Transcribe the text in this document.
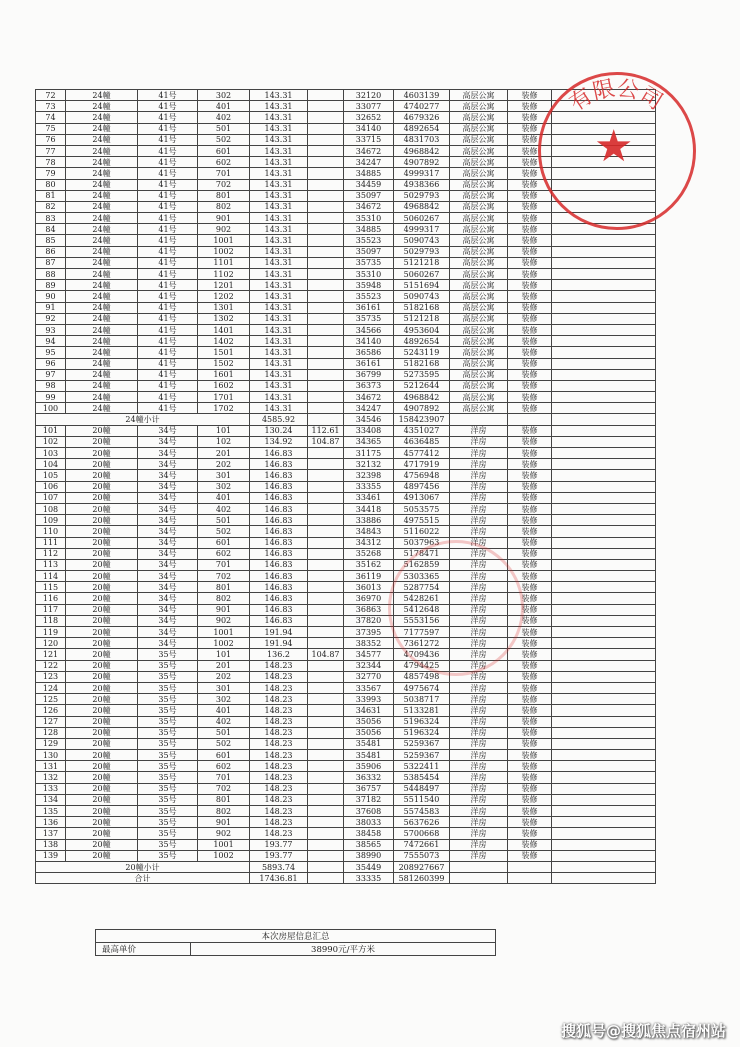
72	24幢	41号	302	143.31		32120	4603139	高层公寓	装修	
73	24幢	41号	401	143.31		33077	4740277	高层公寓	装修	
74	24幢	41号	402	143.31		32652	4679326	高层公寓	装修	
75	24幢	41号	501	143.31		34140	4892654	高层公寓	装修	
76	24幢	41号	502	143.31		33715	4831703	高层公寓	装修	
77	24幢	41号	601	143.31		34672	4968842	高层公寓	装修	
78	24幢	41号	602	143.31		34247	4907892	高层公寓	装修	
79	24幢	41号	701	143.31		34885	4999317	高层公寓	装修	
80	24幢	41号	702	143.31		34459	4938366	高层公寓	装修	
81	24幢	41号	801	143.31		35097	5029793	高层公寓	装修	
82	24幢	41号	802	143.31		34672	4968842	高层公寓	装修	
83	24幢	41号	901	143.31		35310	5060267	高层公寓	装修	
84	24幢	41号	902	143.31		34885	4999317	高层公寓	装修	
85	24幢	41号	1001	143.31		35523	5090743	高层公寓	装修	
86	24幢	41号	1002	143.31		35097	5029793	高层公寓	装修	
87	24幢	41号	1101	143.31		35735	5121218	高层公寓	装修	
88	24幢	41号	1102	143.31		35310	5060267	高层公寓	装修	
89	24幢	41号	1201	143.31		35948	5151694	高层公寓	装修	
90	24幢	41号	1202	143.31		35523	5090743	高层公寓	装修	
91	24幢	41号	1301	143.31		36161	5182168	高层公寓	装修	
92	24幢	41号	1302	143.31		35735	5121218	高层公寓	装修	
93	24幢	41号	1401	143.31		34566	4953604	高层公寓	装修	
94	24幢	41号	1402	143.31		34140	4892654	高层公寓	装修	
95	24幢	41号	1501	143.31		36586	5243119	高层公寓	装修	
96	24幢	41号	1502	143.31		36161	5182168	高层公寓	装修	
97	24幢	41号	1601	143.31		36799	5273595	高层公寓	装修	
98	24幢	41号	1602	143.31		36373	5212644	高层公寓	装修	
99	24幢	41号	1701	143.31		34672	4968842	高层公寓	装修	
100	24幢	41号	1702	143.31		34247	4907892	高层公寓	装修	
24幢小计				4585.92		34546	158423907			
101	20幢	34号	101	130.24	112.61	33408	4351027	洋房	装修	
102	20幢	34号	102	134.92	104.87	34365	4636485	洋房	装修	
103	20幢	34号	201	146.83		31175	4577412	洋房	装修	
104	20幢	34号	202	146.83		32132	4717919	洋房	装修	
105	20幢	34号	301	146.83		32398	4756948	洋房	装修	
106	20幢	34号	302	146.83		33355	4897456	洋房	装修	
107	20幢	34号	401	146.83		33461	4913067	洋房	装修	
108	20幢	34号	402	146.83		34418	5053575	洋房	装修	
109	20幢	34号	501	146.83		33886	4975515	洋房	装修	
110	20幢	34号	502	146.83		34843	5116022	洋房	装修	
111	20幢	34号	601	146.83		34312	5037963	洋房	装修	
112	20幢	34号	602	146.83		35268	5178471	洋房	装修	
113	20幢	34号	701	146.83		35162	5162859	洋房	装修	
114	20幢	34号	702	146.83		36119	5303365	洋房	装修	
115	20幢	34号	801	146.83		36013	5287754	洋房	装修	
116	20幢	34号	802	146.83		36970	5428261	洋房	装修	
117	20幢	34号	901	146.83		36863	5412648	洋房	装修	
118	20幢	34号	902	146.83		37820	5553156	洋房	装修	
119	20幢	34号	1001	191.94		37395	7177597	洋房	装修	
120	20幢	34号	1002	191.94		38352	7361272	洋房	装修	
121	20幢	35号	101	136.2	104.87	34577	4709436	洋房	装修	
122	20幢	35号	201	148.23		32344	4794425	洋房	装修	
123	20幢	35号	202	148.23		32770	4857498	洋房	装修	
124	20幢	35号	301	148.23		33567	4975674	洋房	装修	
125	20幢	35号	302	148.23		33993	5038717	洋房	装修	
126	20幢	35号	401	148.23		34631	5133281	洋房	装修	
127	20幢	35号	402	148.23		35056	5196324	洋房	装修	
128	20幢	35号	501	148.23		35056	5196324	洋房	装修	
129	20幢	35号	502	148.23		35481	5259367	洋房	装修	
130	20幢	35号	601	148.23		35481	5259367	洋房	装修	
131	20幢	35号	602	148.23		35906	5322411	洋房	装修	
132	20幢	35号	701	148.23		36332	5385454	洋房	装修	
133	20幢	35号	702	148.23		36757	5448497	洋房	装修	
134	20幢	35号	801	148.23		37182	5511540	洋房	装修	
135	20幢	35号	802	148.23		37608	5574583	洋房	装修	
136	20幢	35号	901	148.23		38033	5637626	洋房	装修	
137	20幢	35号	902	148.23		38458	5700668	洋房	装修	
138	20幢	35号	1001	193.77		38565	7472661	洋房	装修	
139	20幢	35号	1002	193.77		38990	7555073	洋房	装修	
20幢小计				5893.74		35449	208927667			
合计				17436.81		33335	581260399			
本次房屋信息汇总
最高单价	38990元/平方米
有限公司
★
搜狐号@搜狐焦点宿州站
